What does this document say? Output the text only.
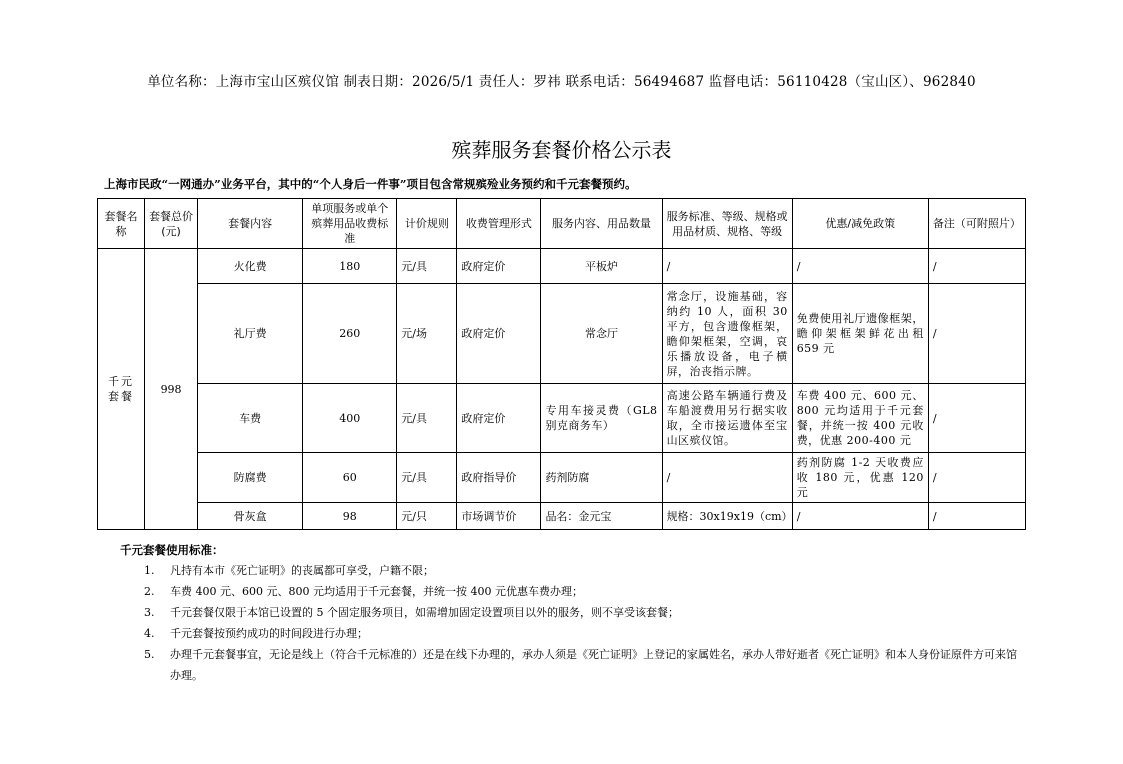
单位名称：上海市宝山区殡仪馆 制表日期：2026/5/1 责任人：罗祎 联系电话：56494687 监督电话：56110428（宝山区）、962840
殡葬服务套餐价格公示表
上海市民政“一网通办”业务平台，其中的“个人身后一件事”项目包含常规殡殓业务预约和千元套餐预约。
套餐名称	套餐总价(元)	套餐内容	单项服务或单个殡葬用品收费标准	计价规则	收费管理形式	服务内容、用品数量	服务标准、等级、规格或用品材质、规格、等级	优惠/减免政策	备注（可附照片）
千元 套餐	998	火化费	180	元/具	政府定价	平板炉	/	/	/
		礼厅费	260	元/场	政府定价	常念厅	常念厅，设施基础，容纳约 10 人，面积 30 平方，包含遗像框架，瞻仰架框架，空调，哀乐播放设备，电子横屏，治丧指示牌。	免费使用礼厅遗像框架，瞻仰架框架鲜花出租 659 元	/
		车费	400	元/具	政府定价	专用车接灵费（GL8 别克商务车）	高速公路车辆通行费及车船渡费用另行据实收取，全市接运遗体至宝山区殡仪馆。	车费 400 元、600 元、800 元均适用于千元套餐，并统一按 400 元收费，优惠 200-400 元	/
		防腐费	60	元/具	政府指导价	药剂防腐	/	药剂防腐 1-2 天收费应收 180 元，优惠 120 元	/
		骨灰盒	98	元/只	市场调节价	品名：金元宝	规格：30x19x19（cm）	/	/
千元套餐使用标准：
1. 凡持有本市《死亡证明》的丧属都可享受，户籍不限；
2. 车费 400 元、600 元、800 元均适用于千元套餐，并统一按 400 元优惠车费办理；
3. 千元套餐仅限于本馆已设置的 5 个固定服务项目，如需增加固定设置项目以外的服务，则不享受该套餐；
4. 千元套餐按预约成功的时间段进行办理；
5. 办理千元套餐事宜，无论是线上（符合千元标准的）还是在线下办理的，承办人须是《死亡证明》上登记的家属姓名，承办人带好逝者《死亡证明》和本人身份证原件方可来馆办理。
